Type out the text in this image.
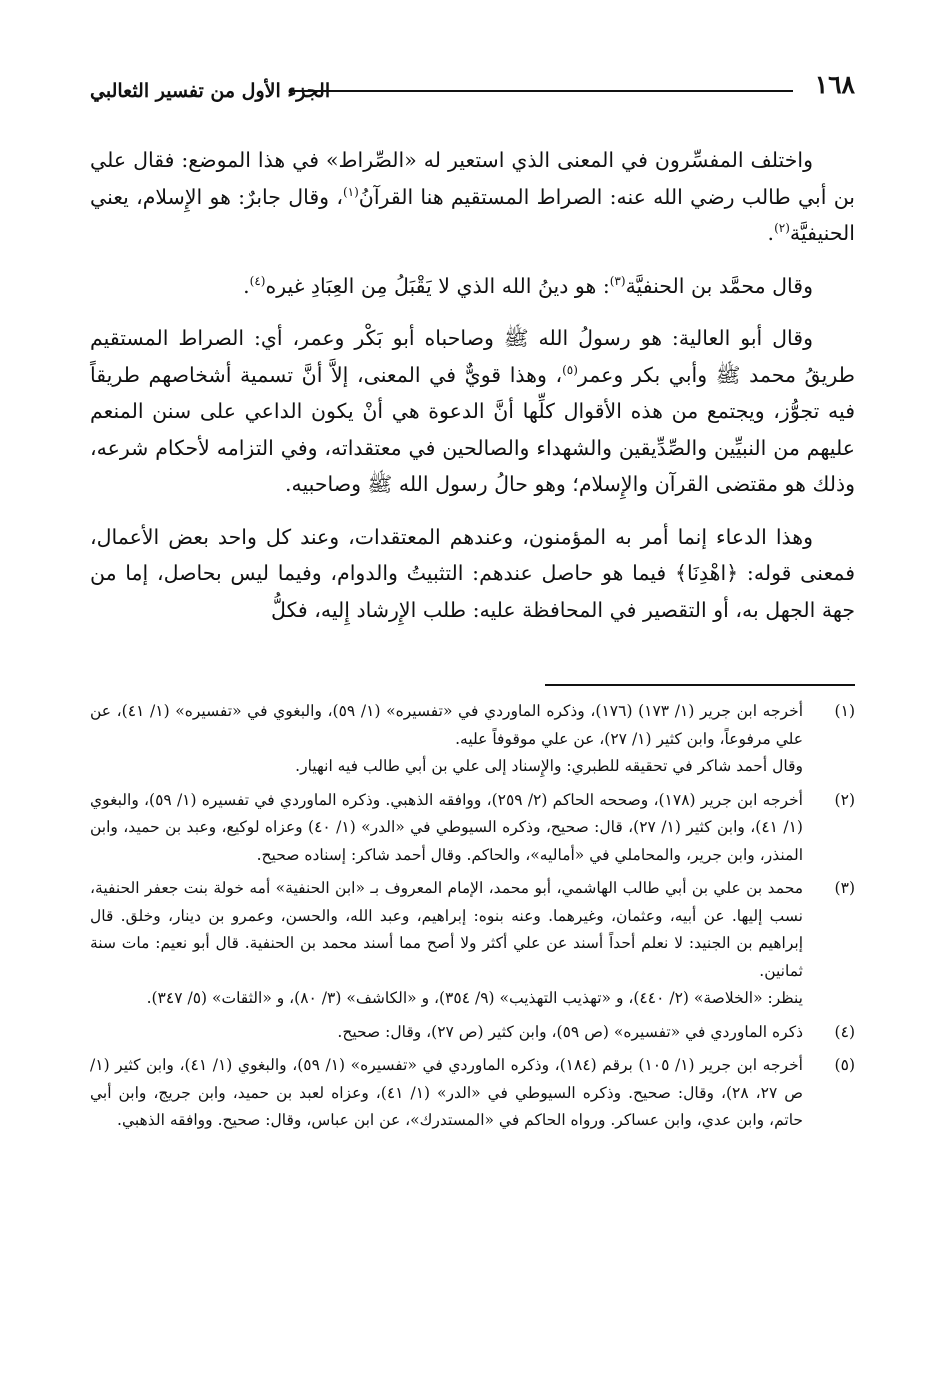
١٦٨
الجزء الأول من تفسير الثعالبي

واختلف المفسِّرون في المعنى الذي استعير له «الصِّراط» في هذا الموضع: فقال علي بن أبي طالب رضي الله عنه: الصراط المستقيم هنا القرآنُ$^{(١)}$، وقال جابرٌ: هو الإِسلام، يعني الحنيفيَّة$^{(٢)}$.

وقال محمَّد بن الحنفيَّة$^{(٣)}$: هو دينُ الله الذي لا يَقْبَلُ مِن العِبَادِ غيره$^{(٤)}$.

وقال أبو العالية: هو رسولُ الله ﷺ وصاحباه أبو بَكْر وعمر، أي: الصراط المستقيم طريقُ محمد ﷺ وأبي بكر وعمر$^{(٥)}$، وهذا قويٌّ في المعنى، إلاَّ أنَّ تسمية أشخاصهم طريقاً فيه تجوُّز، ويجتمع من هذه الأقوال كلِّها أنَّ الدعوة هي أنْ يكون الداعي على سنن المنعم عليهم من النبيِّين والصِّدِّيقين والشهداء والصالحين في معتقداته، وفي التزامه لأحكام شرعه، وذلك هو مقتضى القرآن والإِسلام؛ وهو حالُ رسول الله ﷺ وصاحبيه.

وهذا الدعاء إنما أمر به المؤمنون، وعندهم المعتقدات، وعند كل واحد بعض الأعمال، فمعنى قوله: ﴿اهْدِنَا﴾ فيما هو حاصل عندهم: التثبيتُ والدوام، وفيما ليس بحاصل، إما من جهة الجهل به، أو التقصير في المحافظة عليه: طلب الإِرشاد إِليه، فكلُّ

(١)
أخرجه ابن جرير (١/ ١٧٣) (١٧٦)، وذكره الماوردي في «تفسيره» (١/ ٥٩)، والبغوي في «تفسيره» (١/ ٤١)، عن علي مرفوعاً، وابن كثير (١/ ٢٧)، عن علي موقوفاً عليه.
وقال أحمد شاكر في تحقيقه للطبري: والإِسناد إلى علي بن أبي طالب فيه انهيار.
(٢)
أخرجه ابن جرير (١٧٨)، وصححه الحاكم (٢/ ٢٥٩)، ووافقه الذهبي. وذكره الماوردي في تفسيره (١/ ٥٩)، والبغوي (١/ ٤١)، وابن كثير (١/ ٢٧)، قال: صحيح، وذكره السيوطي في «الدر» (١/ ٤٠) وعزاه لوكيع، وعبد بن حميد، وابن المنذر، وابن جرير، والمحاملي في «أماليه»، والحاكم. وقال أحمد شاكر: إسناده صحيح.
(٣)
محمد بن علي بن أبي طالب الهاشمي، أبو محمد، الإمام المعروف بـ «ابن الحنفية» أمه خولة بنت جعفر الحنفية، نسب إليها. عن أبيه، وعثمان، وغيرهما. وعنه بنوه: إبراهيم، وعبد الله، والحسن، وعمرو بن دينار، وخلق. قال إبراهيم بن الجنيد: لا نعلم أحداً أسند عن علي أكثر ولا أصح مما أسند محمد بن الحنفية. قال أبو نعيم: مات سنة ثمانين.
ينظر: «الخلاصة» (٢/ ٤٤٠)، و «تهذيب التهذيب» (٩/ ٣٥٤)، و «الكاشف» (٣/ ٨٠)، و «الثقات» (٥/ ٣٤٧).
(٤)
ذكره الماوردي في «تفسيره» (ص ٥٩)، وابن كثير (ص ٢٧)، وقال: صحيح.
(٥)
أخرجه ابن جرير (١/ ١٠٥) برقم (١٨٤)، وذكره الماوردي في «تفسيره» (١/ ٥٩)، والبغوي (١/ ٤١)، وابن كثير (١/ ص ٢٧، ٢٨)، وقال: صحيح. وذكره السيوطي في «الدر» (١/ ٤١)، وعزاه لعبد بن حميد، وابن جريج، وابن أبي حاتم، وابن عدي، وابن عساكر. ورواه الحاكم في «المستدرك»، عن ابن عباس، وقال: صحيح. ووافقه الذهبي.
